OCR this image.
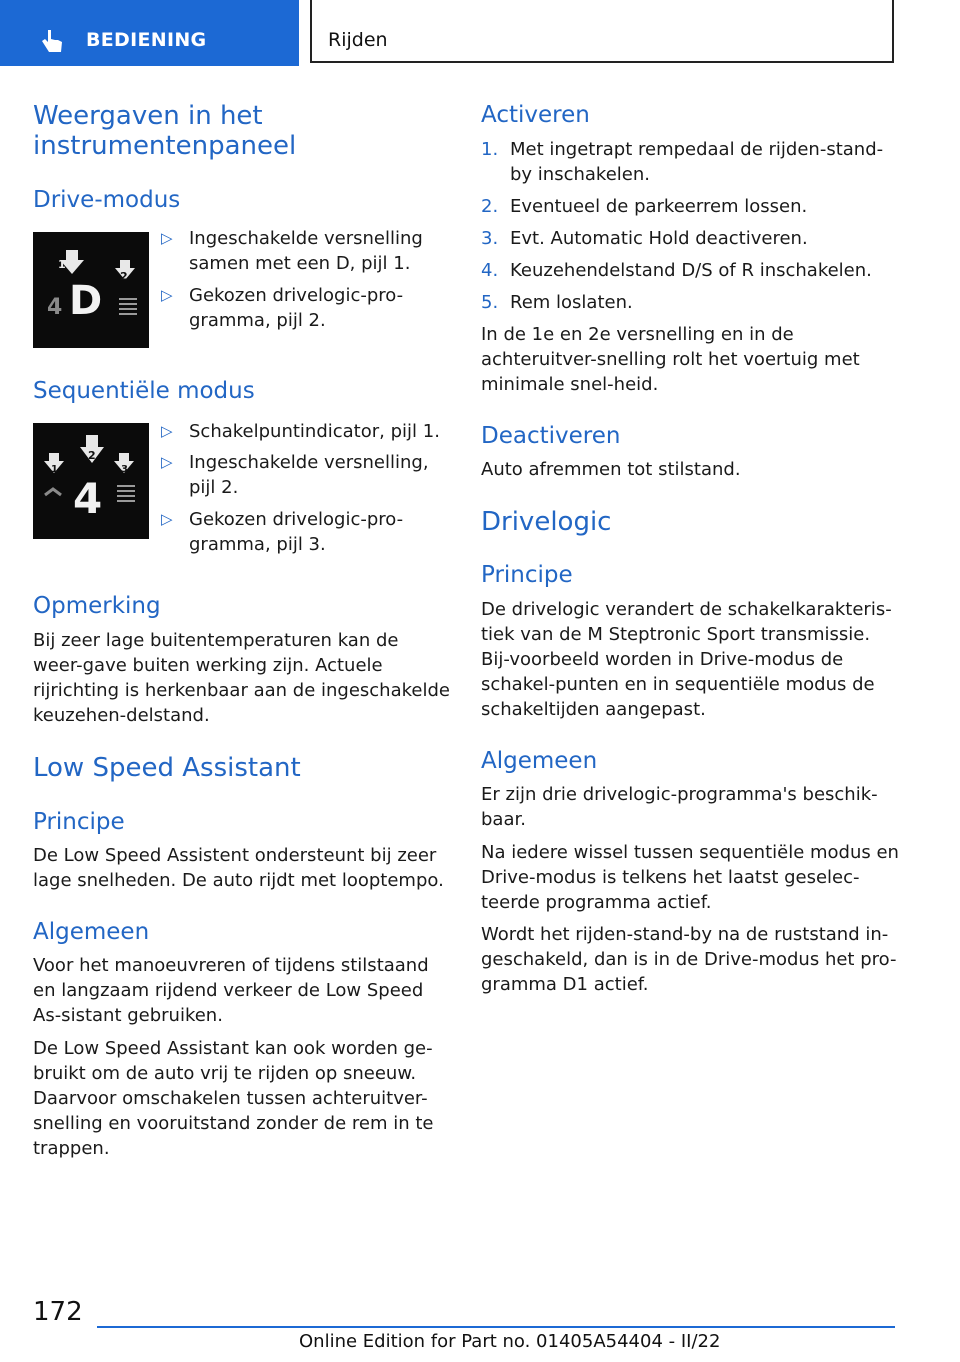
BEDIENING	Rijden
Weergaven in het instrumentenpaneel
Drive-modus
1
2
4 D
▷ Ingeschakelde versnelling samen met een D, pijl 1.
▷ Gekozen drivelogic-pro-gramma, pijl 2.
Sequentiële modus
1
2
3
4
▷ Schakelpuntindicator, pijl 1.
▷ Ingeschakelde versnelling, pijl 2.
▷ Gekozen drivelogic-pro-gramma, pijl 3.
Opmerking

Bij zeer lage buitentemperaturen kan de weer-gave buiten werking zijn. Actuele rijrichting is herkenbaar aan de ingeschakelde keuzehen-delstand.

Low Speed Assistant
Principe

De Low Speed Assistent ondersteunt bij zeer lage snelheden. De auto rijdt met looptempo.

Algemeen

Voor het manoeuvreren of tijdens stilstaand en langzaam rijdend verkeer de Low Speed As-sistant gebruiken.

De Low Speed Assistant kan ook worden ge-bruikt om de auto vrij te rijden op sneeuw. Daarvoor omschakelen tussen achteruitver-snelling en vooruitstand zonder de rem in te trappen.

Activeren
1. Met ingetrapt rempedaal de rijden-stand-by inschakelen.
2. Eventueel de parkeerrem lossen.
3. Evt. Automatic Hold deactiveren.
4. Keuzehendelstand D/S of R inschakelen.
5. Rem loslaten.

In de 1e en 2e versnelling en in de achteruitver-snelling rolt het voertuig met minimale snel-heid.

Deactiveren

Auto afremmen tot stilstand.

Drivelogic
Principe

De drivelogic verandert de schakelkarakteris-tiek van de M Steptronic Sport transmissie. Bij-voorbeeld worden in Drive-modus de schakel-punten en in sequentiële modus de schakeltijden aangepast.

Algemeen

Er zijn drie drivelogic-programma's beschik-baar.

Na iedere wissel tussen sequentiële modus en Drive-modus is telkens het laatst geselec-teerde programma actief.

Wordt het rijden-stand-by na de ruststand in-geschakeld, dan is in de Drive-modus het pro-gramma D1 actief.

172
Online Edition for Part no. 01405A54404 - II/22
